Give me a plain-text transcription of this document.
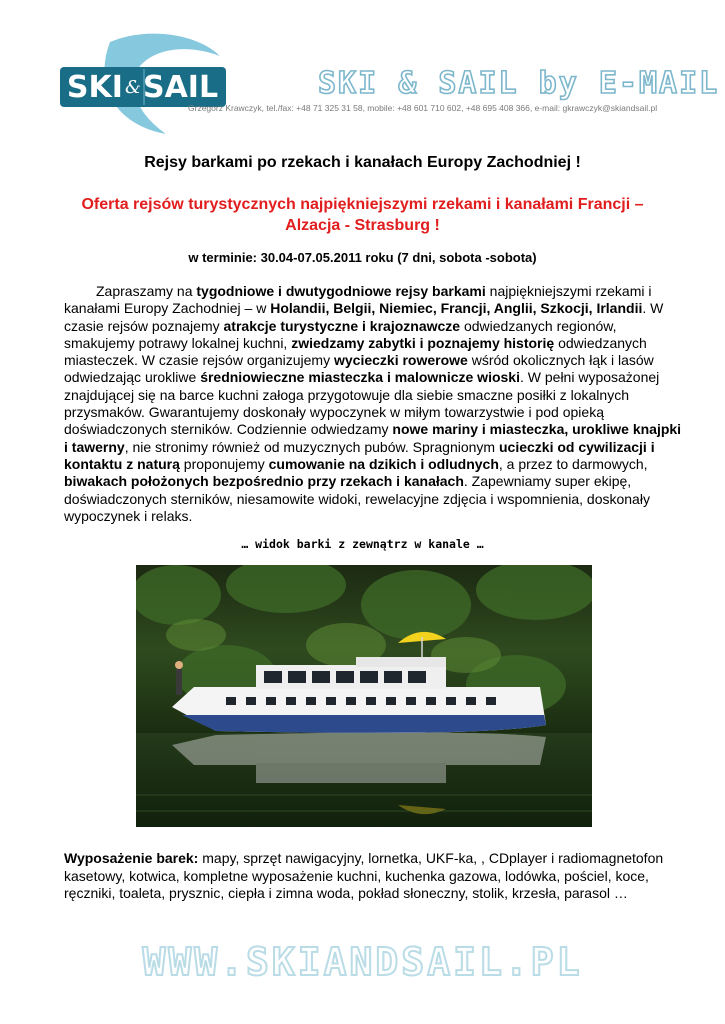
SKI & SAIL	SKI & SAIL by E-MAIL
Grzegorz Krawczyk, tel./fax: +48 71 325 31 58, mobile: +48 601 710 602, +48 695 408 366, e-mail: gkrawczyk@skiandsail.pl
Rejsy barkami po rzekach i kanałach Europy Zachodniej !
Oferta rejsów turystycznych najpiękniejszymi rzekami i kanałami Francji – Alzacja - Strasburg !
w terminie: 30.04-07.05.2011 roku (7 dni, sobota -sobota)
Zapraszamy na tygodniowe i dwutygodniowe rejsy barkami najpiękniejszymi rzekami i kanałami Europy Zachodniej – w Holandii, Belgii, Niemiec, Francji, Anglii, Szkocji, Irlandii. W czasie rejsów poznajemy atrakcje turystyczne i krajoznawcze odwiedzanych regionów, smakujemy potrawy lokalnej kuchni, zwiedzamy zabytki i poznajemy historię odwiedzanych miasteczek. W czasie rejsów organizujemy wycieczki rowerowe wśród okolicznych łąk i lasów odwiedzając urokliwe średniowieczne miasteczka i malownicze wioski. W pełni wyposażonej znajdującej się na barce kuchni załoga przygotowuje dla siebie smaczne posiłki z lokalnych przysmaków. Gwarantujemy doskonały wypoczynek w miłym towarzystwie i pod opieką doświadczonych sterników. Codziennie odwiedzamy nowe mariny i miasteczka, urokliwe knajpki i tawerny, nie stronimy również od muzycznych pubów. Spragnionym ucieczki od cywilizacji i kontaktu z naturą proponujemy cumowanie na dzikich i odludnych, a przez to darmowych, biwakach położonych bezpośrednio przy rzekach i kanałach. Zapewniamy super ekipę, doświadczonych sterników, niesamowite widoki, rewelacyjne zdjęcia i wspomnienia, doskonały wypoczynek i relaks.
… widok barki z zewnątrz w kanale …
Wyposażenie barek: mapy, sprzęt nawigacyjny, lornetka, UKF-ka, , CDplayer i radiomagnetofon kasetowy, kotwica, kompletne wyposażenie kuchni, kuchenka gazowa, lodówka, pościel, koce, ręczniki, toaleta, prysznic, ciepła i zimna woda, pokład słoneczny, stolik, krzesła, parasol …
WWW.SKIANDSAIL.PL
